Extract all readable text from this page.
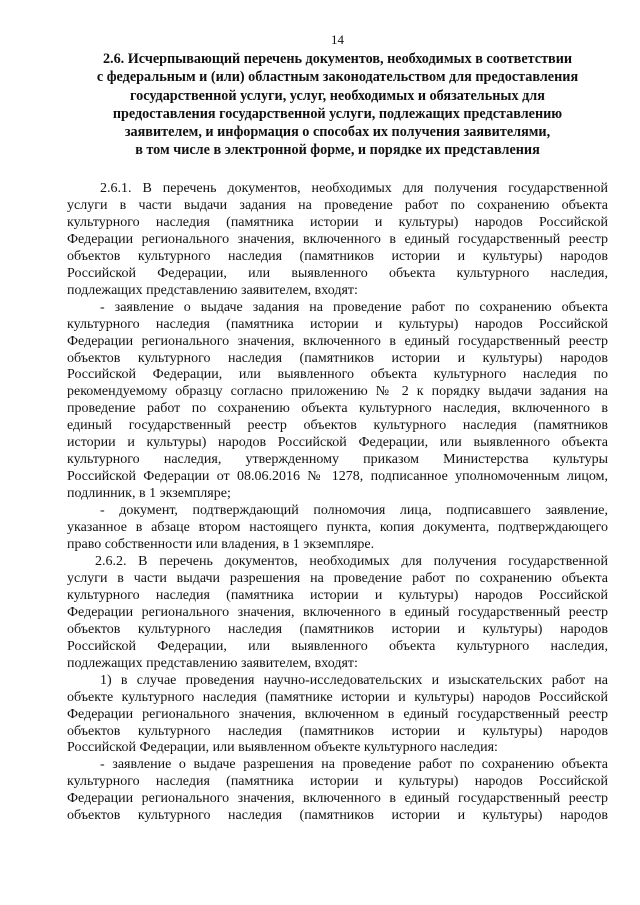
14
2.6. Исчерпывающий перечень документов, необходимых в соответствии
с федеральным и (или) областным законодательством для предоставления
государственной услуги, услуг, необходимых и обязательных для
предоставления государственной услуги, подлежащих представлению
заявителем, и информация о способах их получения заявителями,
в том числе в электронной форме, и порядке их представления
2.6.1. В перечень документов, необходимых для получения государственной
услуги в части выдачи задания на проведение работ по сохранению объекта
культурного наследия (памятника истории и культуры) народов Российской
Федерации регионального значения, включенного в единый государственный реестр
объектов культурного наследия (памятников истории и культуры) народов
Российской Федерации, или выявленного объекта культурного наследия,
подлежащих представлению заявителем, входят:
- заявление о выдаче задания на проведение работ по сохранению объекта
культурного наследия (памятника истории и культуры) народов Российской
Федерации регионального значения, включенного в единый государственный реестр
объектов культурного наследия (памятников истории и культуры) народов
Российской Федерации, или выявленного объекта культурного наследия по
рекомендуемому образцу согласно приложению № 2 к порядку выдачи задания на
проведение работ по сохранению объекта культурного наследия, включенного в
единый государственный реестр объектов культурного наследия (памятников
истории и культуры) народов Российской Федерации, или выявленного объекта
культурного наследия, утвержденному приказом Министерства культуры
Российской Федерации от 08.06.2016 № 1278, подписанное уполномоченным лицом,
подлинник, в 1 экземпляре;
- документ, подтверждающий полномочия лица, подписавшего заявление,
указанное в абзаце втором настоящего пункта, копия документа, подтверждающего
право собственности или владения, в 1 экземпляре.
2.6.2. В перечень документов, необходимых для получения государственной
услуги в части выдачи разрешения на проведение работ по сохранению объекта
культурного наследия (памятника истории и культуры) народов Российской
Федерации регионального значения, включенного в единый государственный реестр
объектов культурного наследия (памятников истории и культуры) народов
Российской Федерации, или выявленного объекта культурного наследия,
подлежащих представлению заявителем, входят:
1) в случае проведения научно-исследовательских и изыскательских работ на
объекте культурного наследия (памятнике истории и культуры) народов Российской
Федерации регионального значения, включенном в единый государственный реестр
объектов культурного наследия (памятников истории и культуры) народов
Российской Федерации, или выявленном объекте культурного наследия:
- заявление о выдаче разрешения на проведение работ по сохранению объекта
культурного наследия (памятника истории и культуры) народов Российской
Федерации регионального значения, включенного в единый государственный реестр
объектов культурного наследия (памятников истории и культуры) народов
